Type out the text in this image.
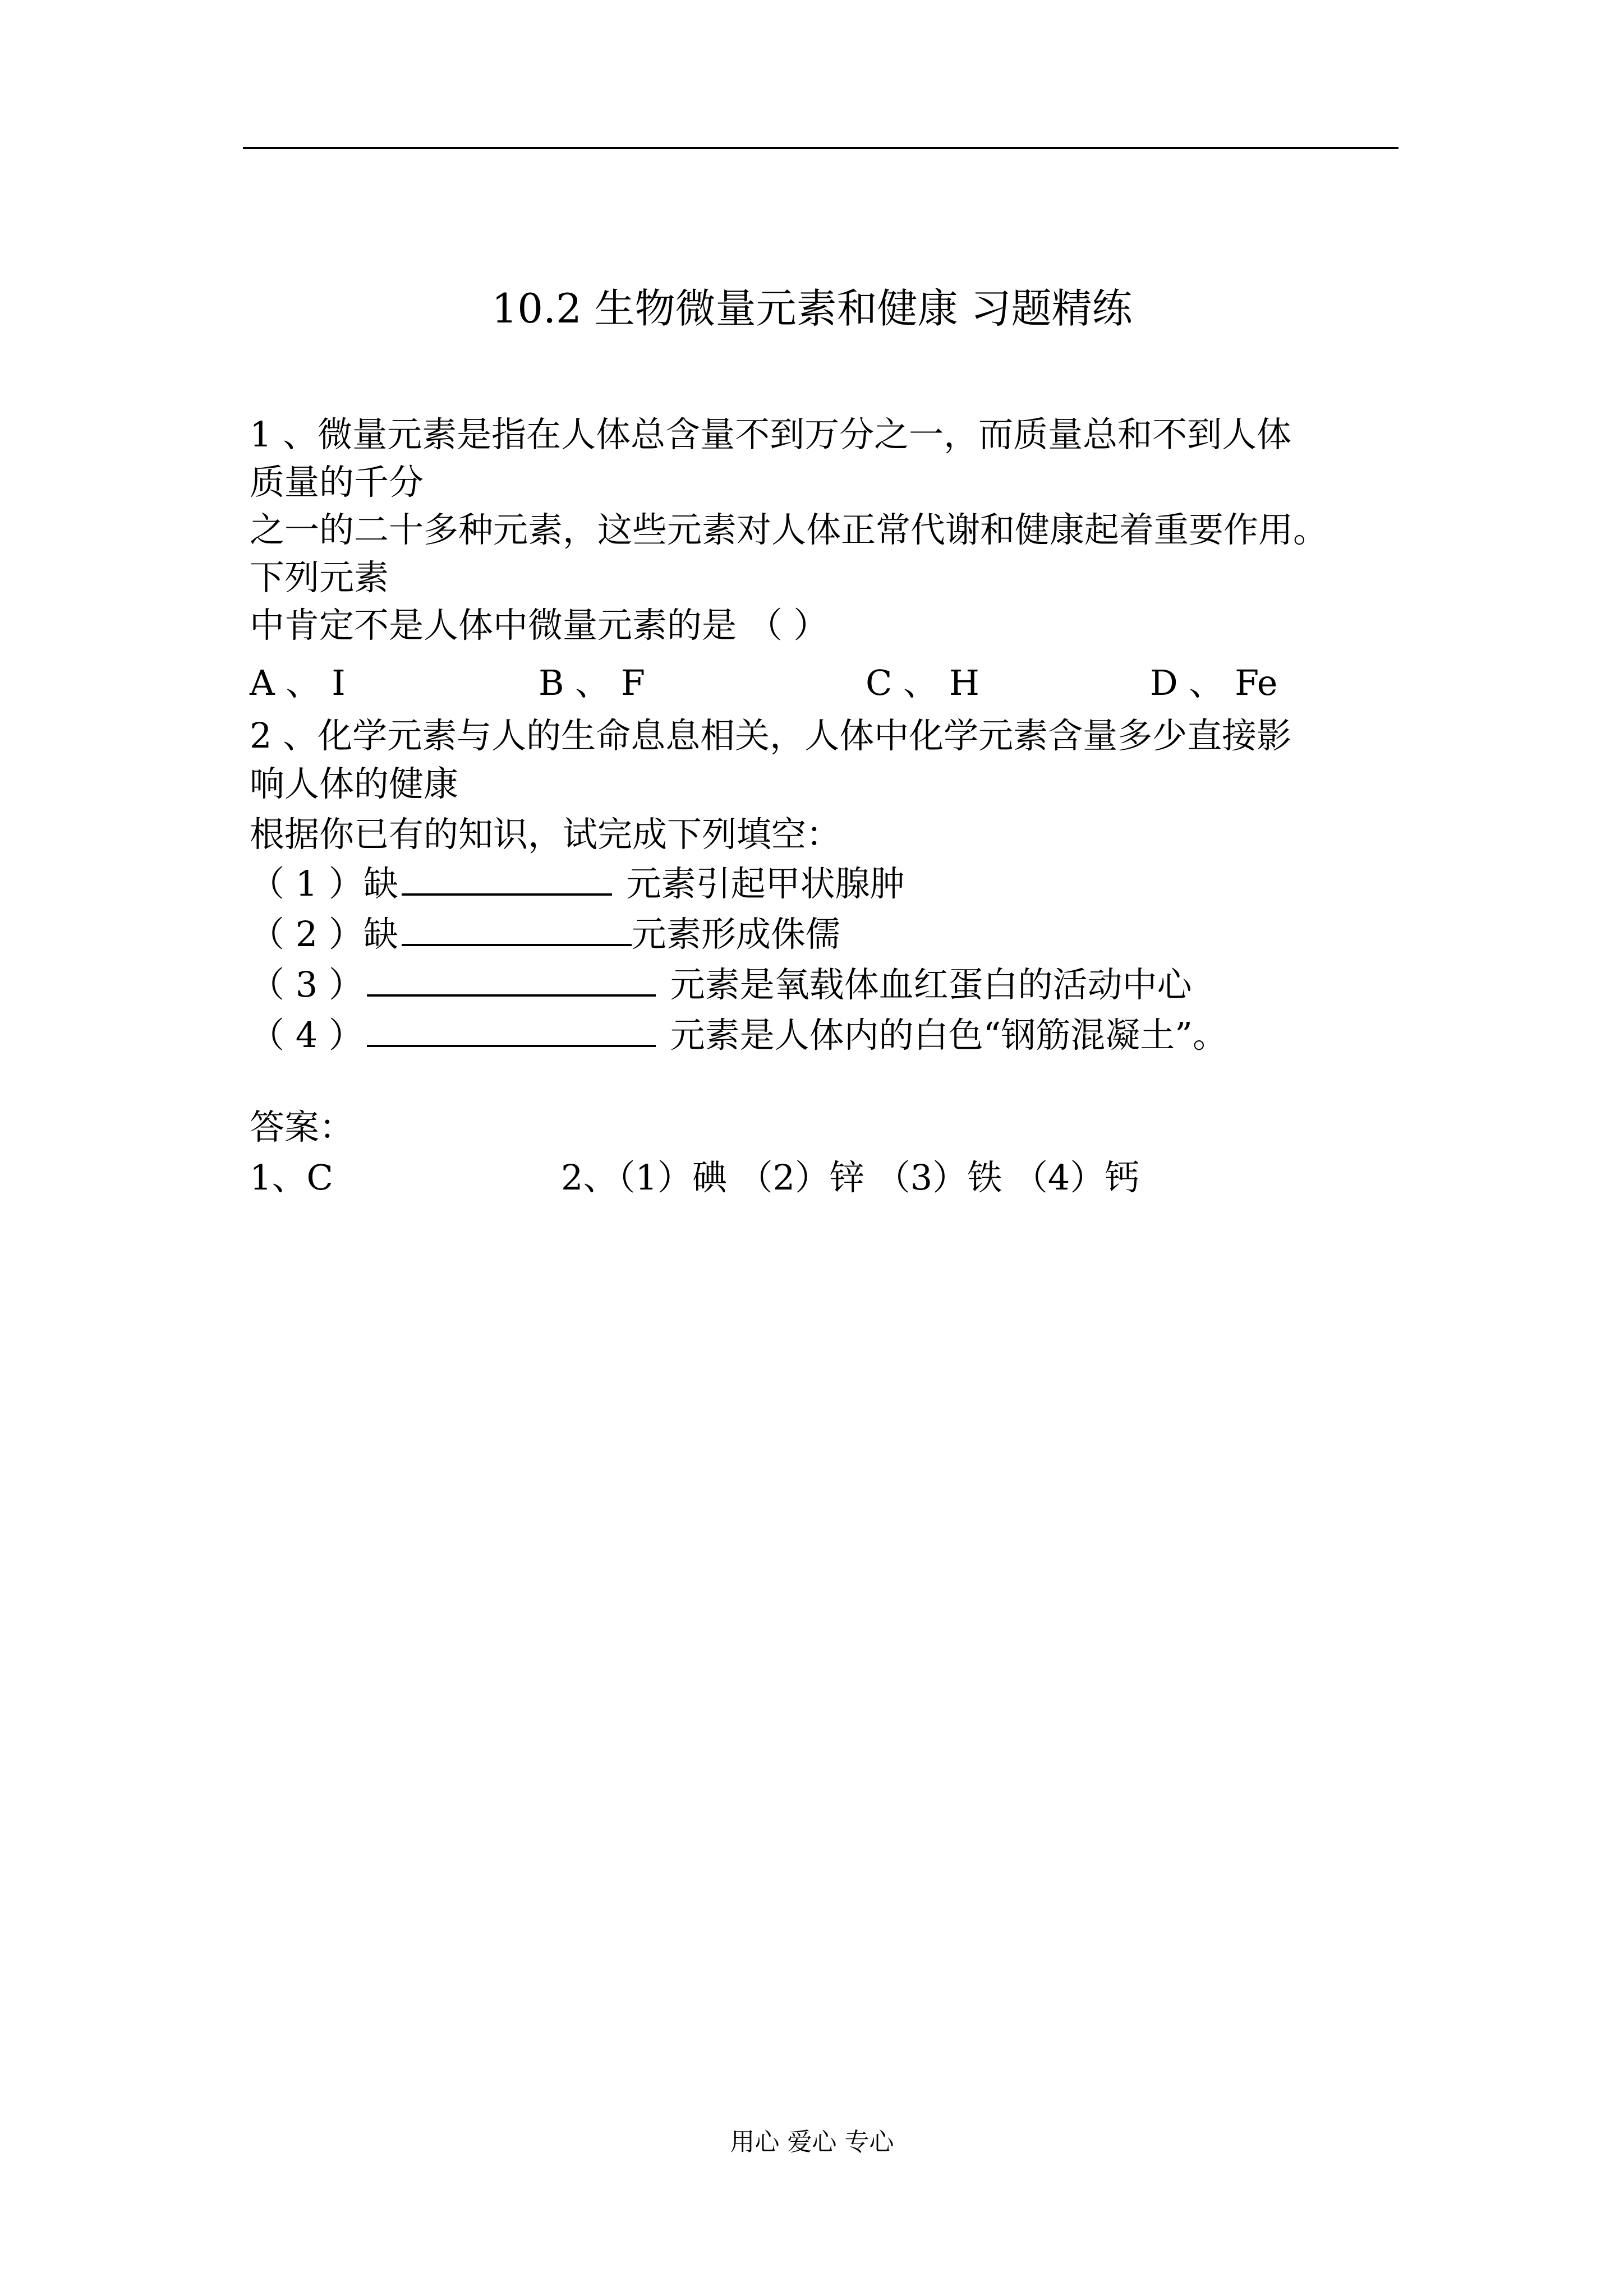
10.2 生物微量元素和健康 习题精练
1 、微量元素是指在人体总含量不到万分之一，而质量总和不到人体
质量的千分
之一的二十多种元素，这些元素对人体正常代谢和健康起着重要作用。
下列元素
中肯定不是人体中微量元素的是 （ ）
A 、 I	B 、 F	C 、 H	D 、 Fe
2 、化学元素与人的生命息息相关，人体中化学元素含量多少直接影
响人体的健康
根据你已有的知识，试完成下列填空：
（ 1 ）缺	元素引起甲状腺肿
（ 2 ）缺	元素形成侏儒
（ 3 ）	元素是氧载体血红蛋白的活动中心
（ 4 ）	元素是人体内的白色“钢筋混凝土”。
答案：
1、C	2、（1）碘 （2）锌 （3）铁 （4）钙
用心 爱心 专心
